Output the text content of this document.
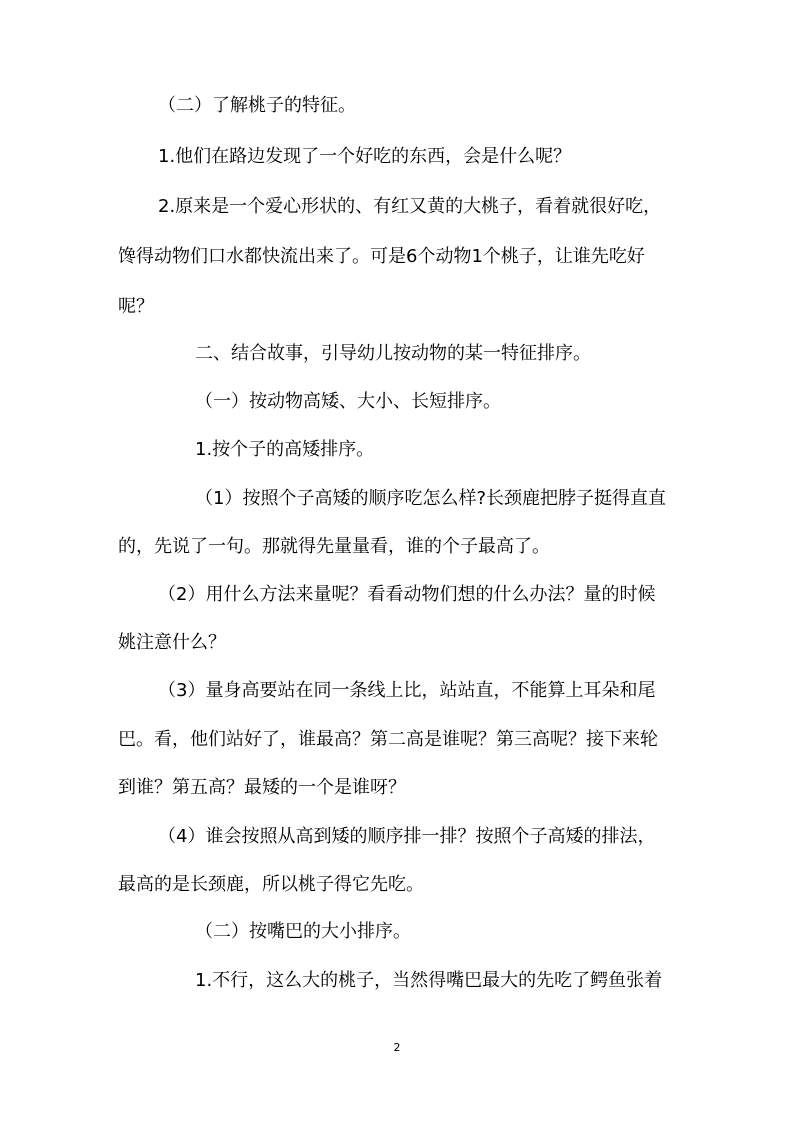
（二）了解桃子的特征。

1.他们在路边发现了一个好吃的东西，会是什么呢？

2.原来是一个爱心形状的、有红又黄的大桃子，看着就很好吃，

馋得动物们口水都快流出来了。可是6个动物1个桃子，让谁先吃好

呢？

二、结合故事，引导幼儿按动物的某一特征排序。

（一）按动物高矮、大小、长短排序。

1.按个子的高矮排序。

（1）按照个子高矮的顺序吃怎么样?长颈鹿把脖子挺得直直

的，先说了一句。那就得先量量看，谁的个子最高了。

（2）用什么方法来量呢？看看动物们想的什么办法？量的时候

姚注意什么？

（3）量身高要站在同一条线上比，站站直，不能算上耳朵和尾

巴。看，他们站好了，谁最高？第二高是谁呢？第三高呢？接下来轮

到谁？第五高？最矮的一个是谁呀？

（4）谁会按照从高到矮的顺序排一排？按照个子高矮的排法，

最高的是长颈鹿，所以桃子得它先吃。

（二）按嘴巴的大小排序。

1.不行，这么大的桃子，当然得嘴巴最大的先吃了鳄鱼张着

2
